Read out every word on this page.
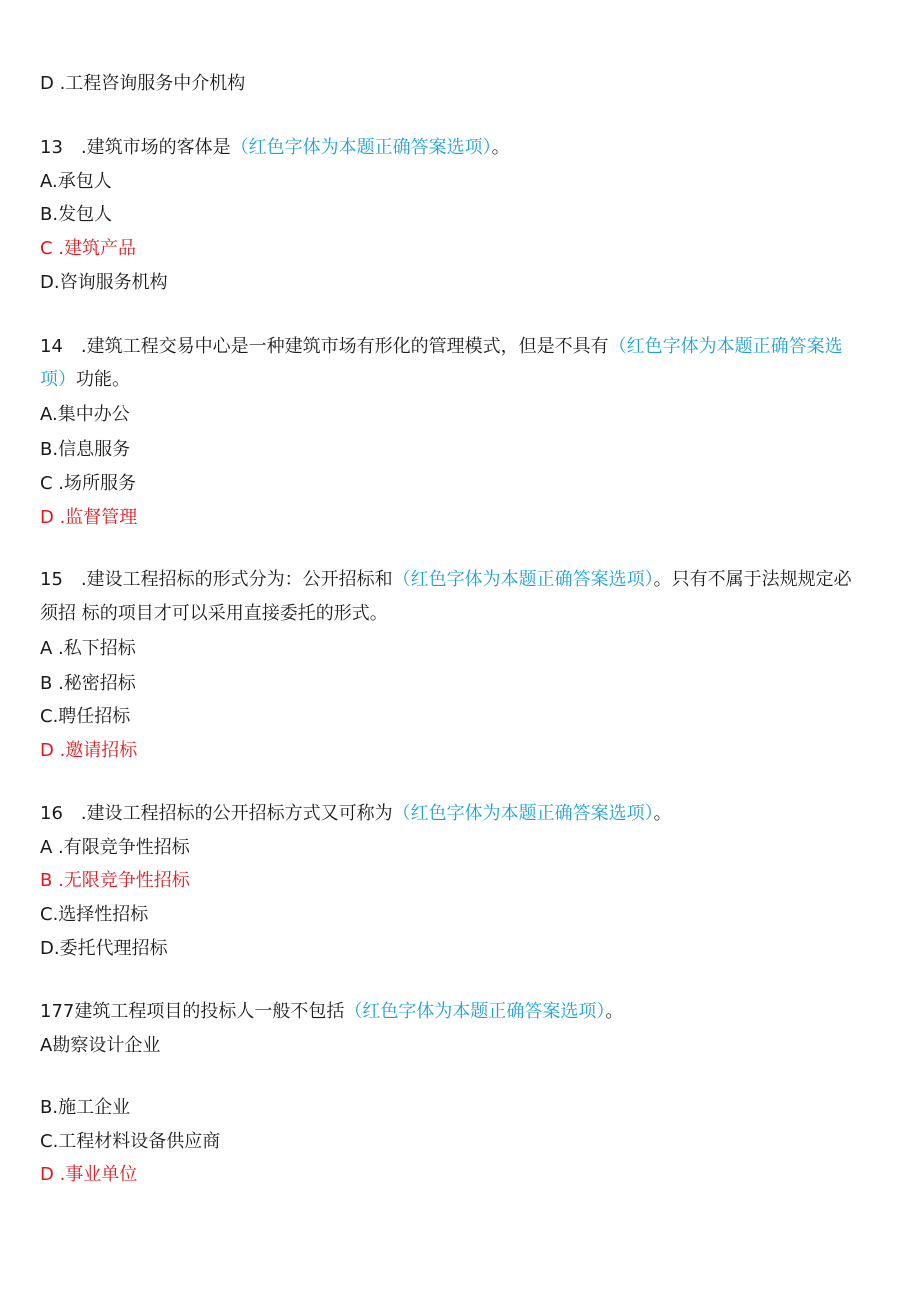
D .工程咨询服务中介机构
13　.建筑市场的客体是（红色字体为本题正确答案选项）。
A.承包人
B.发包人
C .建筑产品
D.咨询服务机构
14　.建筑工程交易中心是一种建筑市场有形化的管理模式，但是不具有（红色字体为本题正确答案选
项）功能。
A.集中办公
B.信息服务
C .场所服务
D .监督管理
15　.建设工程招标的形式分为：公开招标和（红色字体为本题正确答案选项）。只有不属于法规规定必
须招 标的项目才可以采用直接委托的形式。
A .私下招标
B .秘密招标
C.聘任招标
D .邀请招标
16　.建设工程招标的公开招标方式又可称为（红色字体为本题正确答案选项）。
A .有限竞争性招标
B .无限竞争性招标
C.选择性招标
D.委托代理招标
177建筑工程项目的投标人一般不包括（红色字体为本题正确答案选项）。
A勘察设计企业
B.施工企业
C.工程材料设备供应商
D .事业单位
